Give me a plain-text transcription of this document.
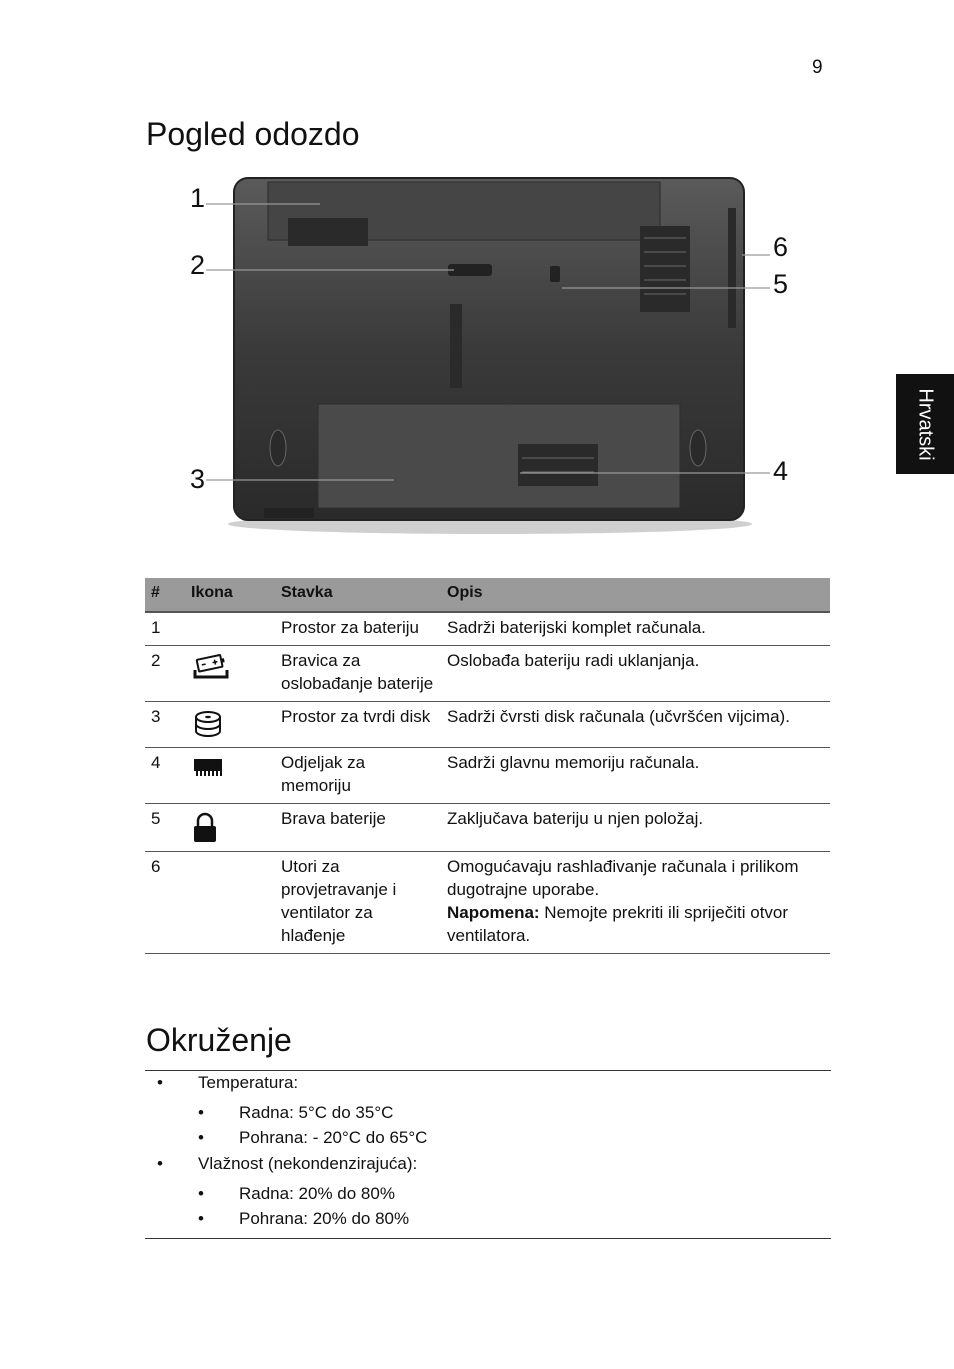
9
Hrvatski
Pogled odozdo
1
2
3	4
5
6
#	Ikona	Stavka	Opis
1		Prostor za bateriju	Sadrži baterijski komplet računala.
2		Bravica za oslobađanje baterije	Oslobađa bateriju radi uklanjanja.
3		Prostor za tvrdi disk	Sadrži čvrsti disk računala (učvršćen vijcima).
4		Odjeljak za memoriju	Sadrži glavnu memoriju računala.
5		Brava baterije	Zaključava bateriju u njen položaj.
6		Utori za provjetravanje i ventilator za hlađenje	Omogućavaju rashlađivanje računala i prilikom dugotrajne uporabe.
Napomena: Nemojte prekriti ili spriječiti otvor ventilatora.
Okruženje
• Temperatura:
• Radna: 5°C do 35°C
• Pohrana: - 20°C do 65°C
• Vlažnost (nekondenzirajuća):
• Radna: 20% do 80%
• Pohrana: 20% do 80%
